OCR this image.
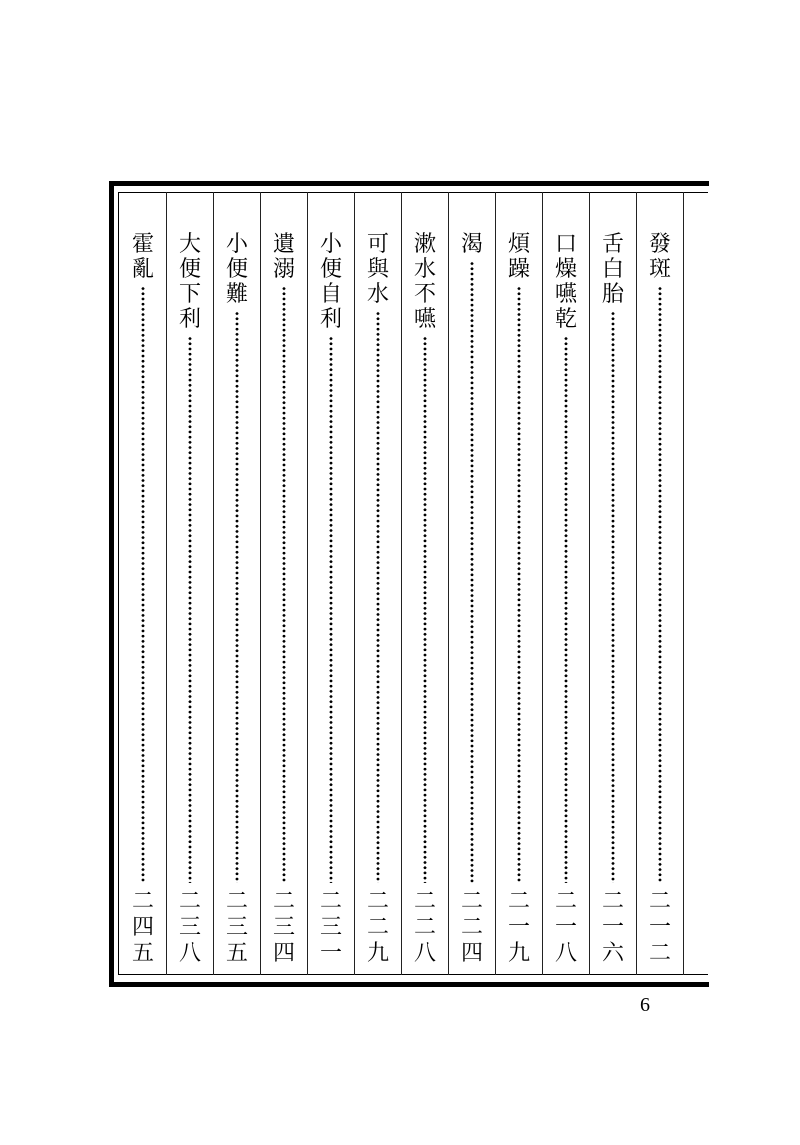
發
斑
二
一
二
舌
白
胎
二
一
六
口
燥
嚥
乾
二
一
八
煩
躁
二
一
九
渴
二
二
四
漱
水
不
嚥
二
二
八
可
與
水
二
二
九
小
便
自
利
二
三
一
遺
溺
二
三
四
小
便
難
二
三
五
大
便
下
利
二
三
八
霍
亂
二
四
五
6
